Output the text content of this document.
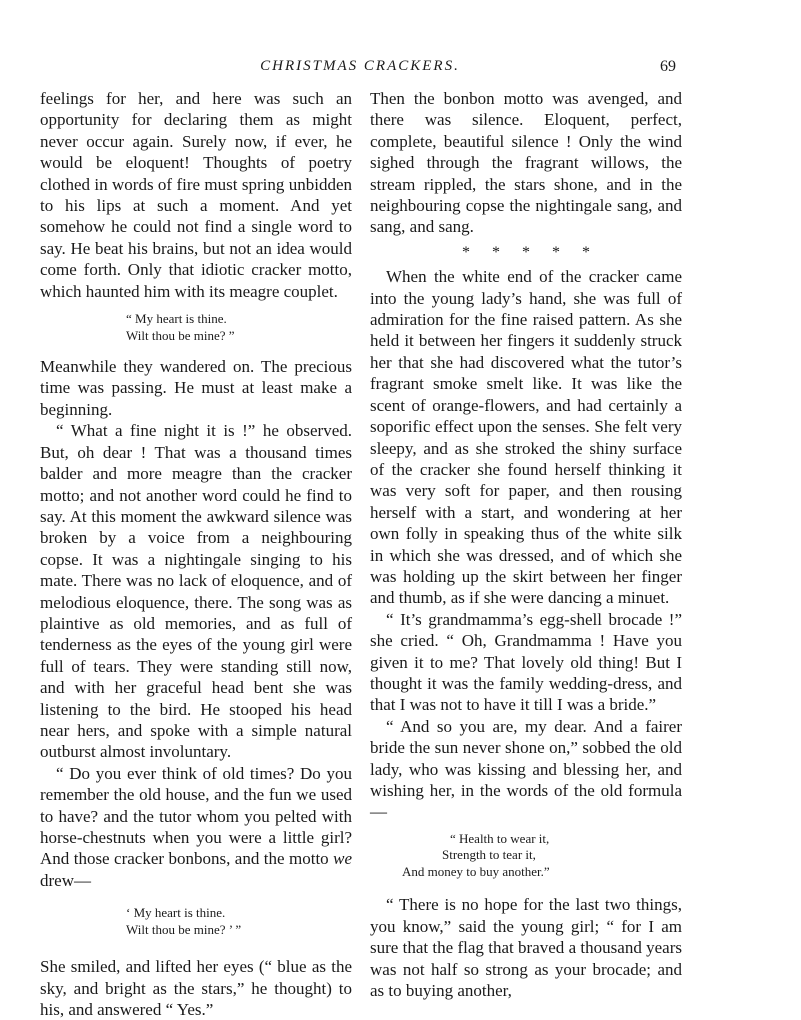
CHRISTMAS CRACKERS.	69

feelings for her, and here was such an opportunity for declaring them as might never occur again. Surely now, if ever, he would be eloquent! Thoughts of poetry clothed in words of fire must spring unbidden to his lips at such a moment. And yet somehow he could not find a single word to say. He beat his brains, but not an idea would come forth. Only that idiotic cracker motto, which haunted him with its meagre couplet.

“ My heart is thine.
Wilt thou be mine? ”

Meanwhile they wandered on. The precious time was passing. He must at least make a beginning.

“ What a fine night it is !” he observed. But, oh dear ! That was a thousand times balder and more meagre than the cracker motto; and not another word could he find to say. At this moment the awkward silence was broken by a voice from a neighbouring copse. It was a nightingale singing to his mate. There was no lack of eloquence, and of melodious eloquence, there. The song was as plaintive as old memories, and as full of tenderness as the eyes of the young girl were full of tears. They were standing still now, and with her graceful head bent she was listening to the bird. He stooped his head near hers, and spoke with a simple natural outburst almost involuntary.

“ Do you ever think of old times? Do you remember the old house, and the fun we used to have? and the tutor whom you pelted with horse-chestnuts when you were a little girl? And those cracker bonbons, and the motto we drew—

‘ My heart is thine.
Wilt thou be mine? ’ ”

She smiled, and lifted her eyes (“ blue as the sky, and bright as the stars,” he thought) to his, and answered “ Yes.”

Then the bonbon motto was avenged, and there was silence. Eloquent, perfect, complete, beautiful silence ! Only the wind sighed through the fragrant willows, the stream rippled, the stars shone, and in the neighbouring copse the nightingale sang, and sang, and sang.

* * * * *

When the white end of the cracker came into the young lady’s hand, she was full of admiration for the fine raised pattern. As she held it between her fingers it suddenly struck her that she had discovered what the tutor’s fragrant smoke smelt like. It was like the scent of orange-flowers, and had certainly a soporific effect upon the senses. She felt very sleepy, and as she stroked the shiny surface of the cracker she found herself thinking it was very soft for paper, and then rousing herself with a start, and wondering at her own folly in speaking thus of the white silk in which she was dressed, and of which she was holding up the skirt between her finger and thumb, as if she were dancing a minuet.

“ It’s grandmamma’s egg-shell brocade !” she cried. “ Oh, Grandmamma ! Have you given it to me? That lovely old thing! But I thought it was the family wedding-dress, and that I was not to have it till I was a bride.”

“ And so you are, my dear. And a fairer bride the sun never shone on,” sobbed the old lady, who was kissing and blessing her, and wishing her, in the words of the old formula—

“ Health to wear it,
Strength to tear it,
And money to buy another.”

“ There is no hope for the last two things, you know,” said the young girl; “ for I am sure that the flag that braved a thousand years was not half so strong as your brocade; and as to buying another,
